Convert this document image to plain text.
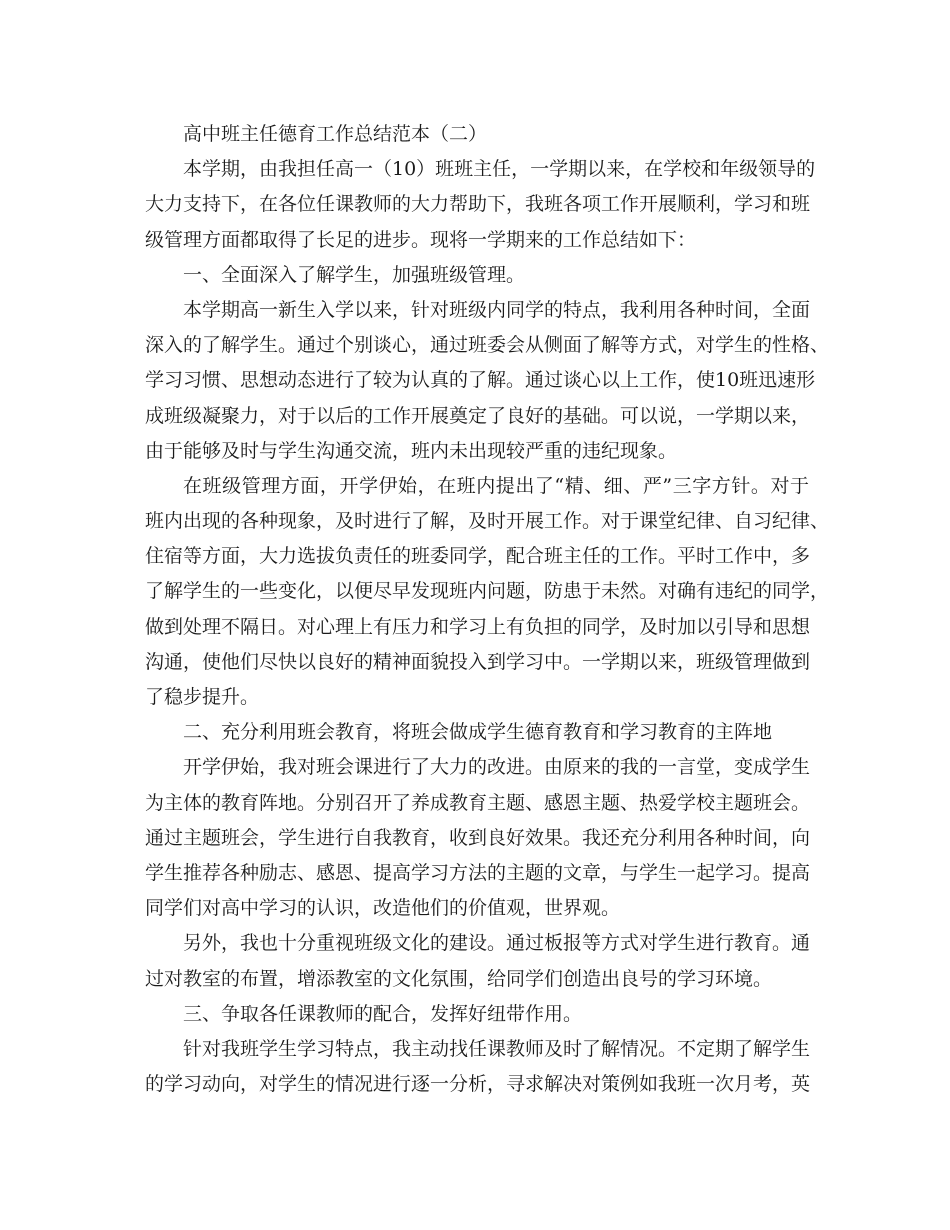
高中班主任德育工作总结范本（二）
本学期，由我担任高一（10）班班主任，一学期以来，在学校和年级领导的
大力支持下，在各位任课教师的大力帮助下，我班各项工作开展顺利，学习和班
级管理方面都取得了长足的进步。现将一学期来的工作总结如下：
一、全面深入了解学生，加强班级管理。
本学期高一新生入学以来，针对班级内同学的特点，我利用各种时间，全面
深入的了解学生。通过个别谈心，通过班委会从侧面了解等方式，对学生的性格、
学习习惯、思想动态进行了较为认真的了解。通过谈心以上工作，使10班迅速形
成班级凝聚力，对于以后的工作开展奠定了良好的基础。可以说，一学期以来，
由于能够及时与学生沟通交流，班内未出现较严重的违纪现象。
在班级管理方面，开学伊始，在班内提出了“精、细、严”三字方针。对于
班内出现的各种现象，及时进行了解，及时开展工作。对于课堂纪律、自习纪律、
住宿等方面，大力选拔负责任的班委同学，配合班主任的工作。平时工作中，多
了解学生的一些变化，以便尽早发现班内问题，防患于未然。对确有违纪的同学，
做到处理不隔日。对心理上有压力和学习上有负担的同学，及时加以引导和思想
沟通，使他们尽快以良好的精神面貌投入到学习中。一学期以来，班级管理做到
了稳步提升。
二、充分利用班会教育，将班会做成学生德育教育和学习教育的主阵地
开学伊始，我对班会课进行了大力的改进。由原来的我的一言堂，变成学生
为主体的教育阵地。分别召开了养成教育主题、感恩主题、热爱学校主题班会。
通过主题班会，学生进行自我教育，收到良好效果。我还充分利用各种时间，向
学生推荐各种励志、感恩、提高学习方法的主题的文章，与学生一起学习。提高
同学们对高中学习的认识，改造他们的价值观，世界观。
另外，我也十分重视班级文化的建设。通过板报等方式对学生进行教育。通
过对教室的布置，增添教室的文化氛围，给同学们创造出良号的学习环境。
三、争取各任课教师的配合，发挥好纽带作用。
针对我班学生学习特点，我主动找任课教师及时了解情况。不定期了解学生
的学习动向，对学生的情况进行逐一分析，寻求解决对策例如我班一次月考，英
